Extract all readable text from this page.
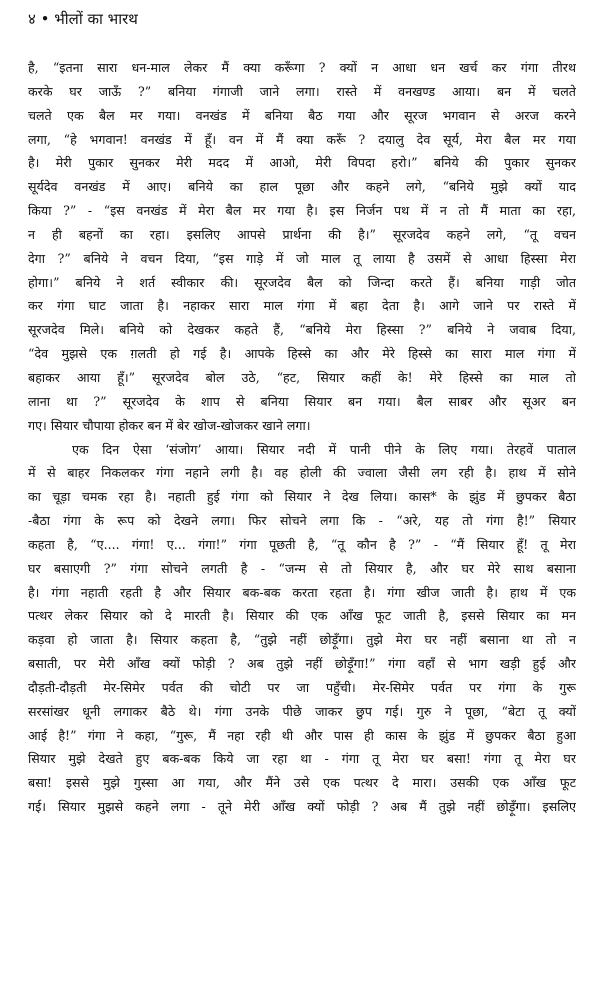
४ • भीलों का भारथ
है, “इतना सारा धन-माल लेकर मैं क्या करूँगा ? क्यों न आधा धन खर्च कर गंगा तीरथ
करके घर जाऊँ ?” बनिया गंगाजी जाने लगा। रास्ते में वनखण्ड आया। बन में चलते
चलते एक बैल मर गया। वनखंड में बनिया बैठ गया और सूरज भगवान से अरज करने
लगा, “हे भगवान! वनखंड में हूँ। वन में मैं क्या करूँ ? दयालु देव सूर्य, मेरा बैल मर गया
है। मेरी पुकार सुनकर मेरी मदद में आओ, मेरी विपदा हरो।” बनिये की पुकार सुनकर
सूर्यदेव वनखंड में आए। बनिये का हाल पूछा और कहने लगे, “बनिये मुझे क्यों याद
किया ?” - “इस वनखंड में मेरा बैल मर गया है। इस निर्जन पथ में न तो मैं माता का रहा,
न ही बहनों का रहा। इसलिए आपसे प्रार्थना की है।” सूरजदेव कहने लगे, “तू वचन
देगा ?” बनिये ने वचन दिया, “इस गाड़े में जो माल तू लाया है उसमें से आधा हिस्सा मेरा
होगा।” बनिये ने शर्त स्वीकार की। सूरजदेव बैल को जिन्दा करते हैं। बनिया गाड़ी जोत
कर गंगा घाट जाता है। नहाकर सारा माल गंगा में बहा देता है। आगे जाने पर रास्ते में
सूरजदेव मिले। बनिये को देखकर कहते हैं, “बनिये मेरा हिस्सा ?” बनिये ने जवाब दिया,
“देव मुझसे एक ग़लती हो गई है। आपके हिस्से का और मेरे हिस्से का सारा माल गंगा में
बहाकर आया हूँ।” सूरजदेव बोल उठे, “हट, सियार कहीं के! मेरे हिस्से का माल तो
लाना था ?” सूरजदेव के शाप से बनिया सियार बन गया। बैल साबर और सूअर बन
गए। सियार चौपाया होकर बन में बेर खोज-खोजकर खाने लगा।
एक दिन ऐसा ‘संजोग’ आया। सियार नदी में पानी पीने के लिए गया। तेरहवें पाताल
में से बाहर निकलकर गंगा नहाने लगी है। वह होली की ज्वाला जैसी लग रही है। हाथ में सोने
का चूड़ा चमक रहा है। नहाती हुई गंगा को सियार ने देख लिया। कास* के झुंड में छुपकर बैठा
-बैठा गंगा के रूप को देखने लगा। फिर सोचने लगा कि - “अरे, यह तो गंगा है!” सियार
कहता है, “ए.... गंगा! ए... गंगा!” गंगा पूछती है, “तू कौन है ?” - “मैं सियार हूँ! तू मेरा
घर बसाएगी ?” गंगा सोचने लगती है - “जन्म से तो सियार है, और घर मेरे साथ बसाना
है। गंगा नहाती रहती है और सियार बक-बक करता रहता है। गंगा खीज जाती है। हाथ में एक
पत्थर लेकर सियार को दे मारती है। सियार की एक आँख फूट जाती है, इससे सियार का मन
कड़वा हो जाता है। सियार कहता है, “तुझे नहीं छोड़ूँगा। तुझे मेरा घर नहीं बसाना था तो न
बसाती, पर मेरी आँख क्यों फोड़ी ? अब तुझे नहीं छोड़ूँगा!” गंगा वहाँ से भाग खड़ी हुई और
दौड़ती-दौड़ती मेर-सिमेर पर्वत की चोटी पर जा पहुँची। मेर-सिमेर पर्वत पर गंगा के गुरू
सरसांखर धूनी लगाकर बैठे थे। गंगा उनके पीछे जाकर छुप गई। गुरु ने पूछा, “बेटा तू क्यों
आई है!” गंगा ने कहा, “गुरू, मैं नहा रही थी और पास ही कास के झुंड में छुपकर बैठा हुआ
सियार मुझे देखते हुए बक-बक किये जा रहा था - गंगा तू मेरा घर बसा! गंगा तू मेरा घर
बसा! इससे मुझे गुस्सा आ गया, और मैंने उसे एक पत्थर दे मारा। उसकी एक आँख फूट
गई। सियार मुझसे कहने लगा - तूने मेरी आँख क्यों फोड़ी ? अब मैं तुझे नहीं छोड़ूँगा। इसलिए
